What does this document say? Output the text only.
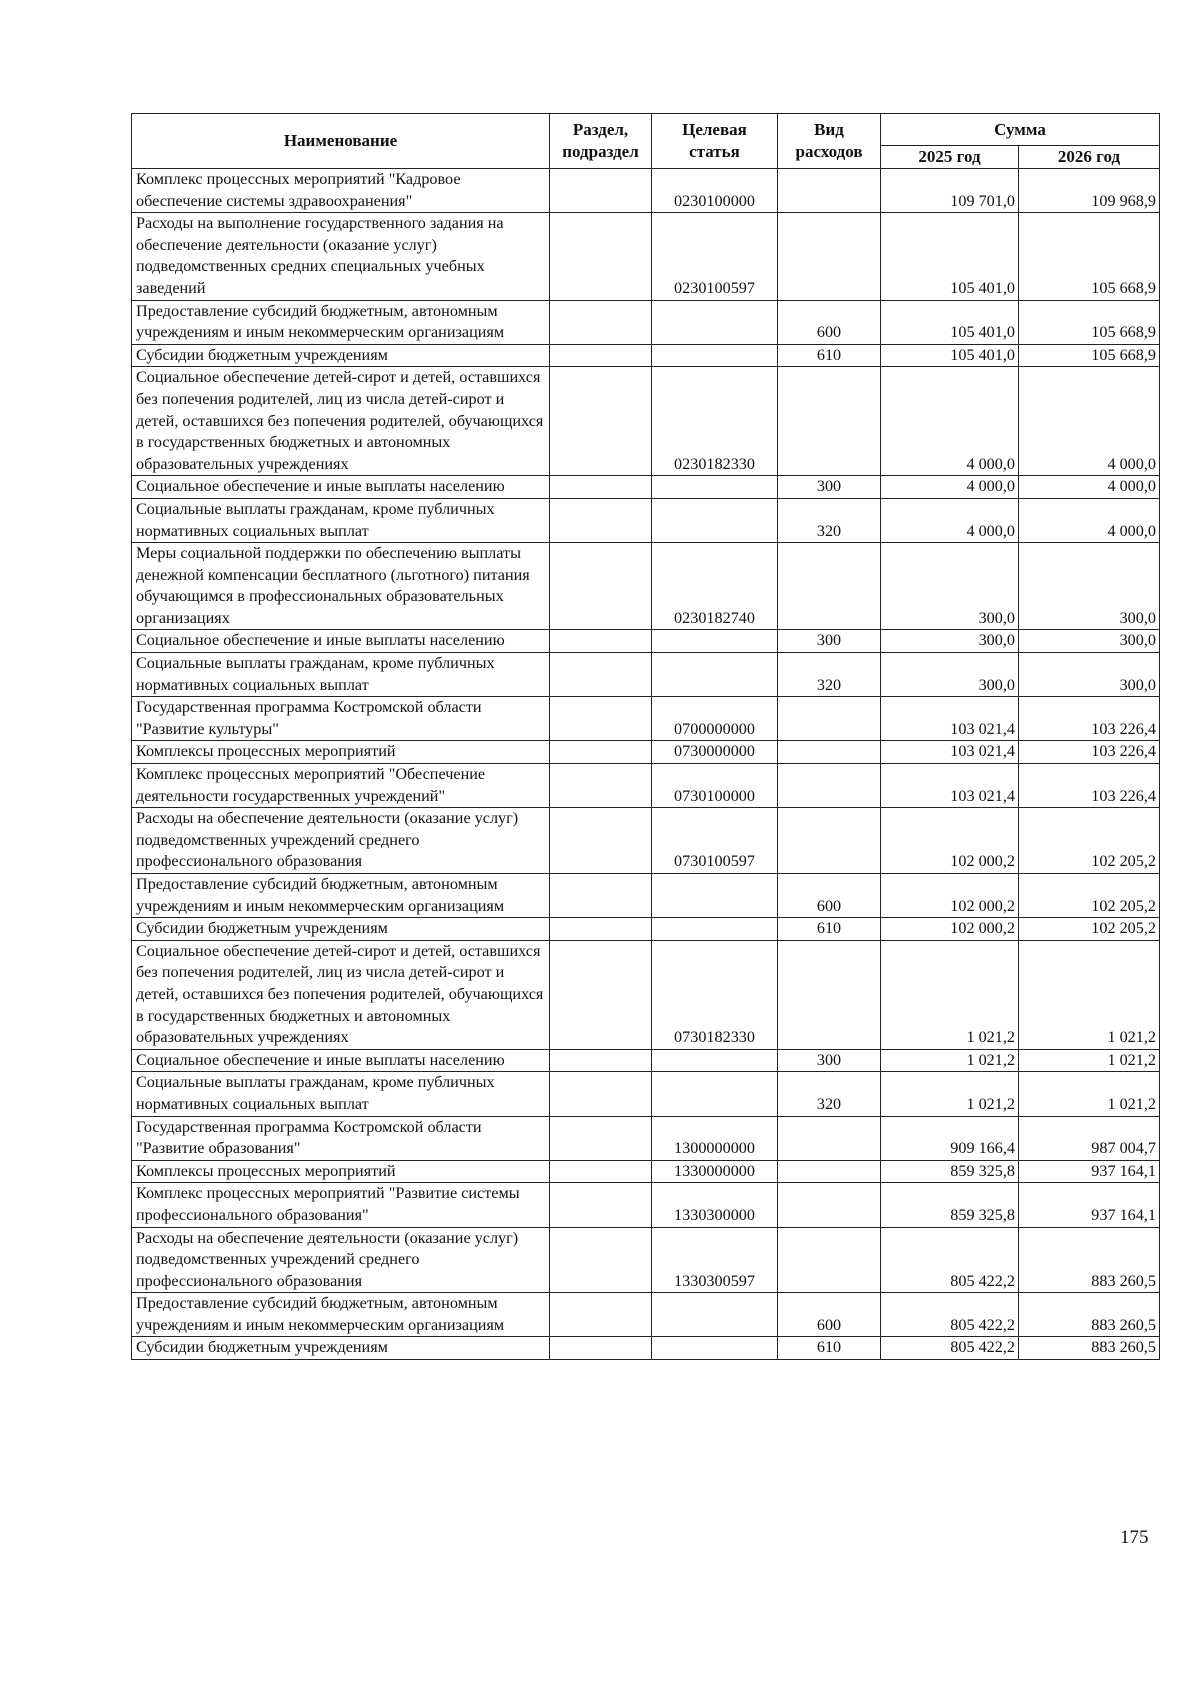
Наименование	Раздел, подраздел	Целевая статья	Вид расходов	Сумма	
				2025 год	2026 год
Комплекс процессных мероприятий "Кадровое обеспечение системы здравоохранения"		0230100000		109 701,0	109 968,9
Расходы на выполнение государственного задания на обеспечение деятельности (оказание услуг) подведомственных средних специальных учебных заведений		0230100597		105 401,0	105 668,9
Предоставление субсидий бюджетным, автономным учреждениям и иным некоммерческим организациям			600	105 401,0	105 668,9
Субсидии бюджетным учреждениям			610	105 401,0	105 668,9
Социальное обеспечение детей-сирот и детей, оставшихся без попечения родителей, лиц из числа детей-сирот и детей, оставшихся без попечения родителей, обучающихся в государственных бюджетных и автономных образовательных учреждениях		0230182330		4 000,0	4 000,0
Социальное обеспечение и иные выплаты населению			300	4 000,0	4 000,0
Социальные выплаты гражданам, кроме публичных нормативных социальных выплат			320	4 000,0	4 000,0
Меры социальной поддержки по обеспечению выплаты денежной компенсации бесплатного (льготного) питания обучающимся в профессиональных образовательных организациях		0230182740		300,0	300,0
Социальное обеспечение и иные выплаты населению			300	300,0	300,0
Социальные выплаты гражданам, кроме публичных нормативных социальных выплат			320	300,0	300,0
Государственная программа Костромской области "Развитие культуры"		0700000000		103 021,4	103 226,4
Комплексы процессных мероприятий		0730000000		103 021,4	103 226,4
Комплекс процессных мероприятий "Обеспечение деятельности государственных учреждений"		0730100000		103 021,4	103 226,4
Расходы на обеспечение деятельности (оказание услуг) подведомственных учреждений среднего профессионального образования		0730100597		102 000,2	102 205,2
Предоставление субсидий бюджетным, автономным учреждениям и иным некоммерческим организациям			600	102 000,2	102 205,2
Субсидии бюджетным учреждениям			610	102 000,2	102 205,2
Социальное обеспечение детей-сирот и детей, оставшихся без попечения родителей, лиц из числа детей-сирот и детей, оставшихся без попечения родителей, обучающихся в государственных бюджетных и автономных образовательных учреждениях		0730182330		1 021,2	1 021,2
Социальное обеспечение и иные выплаты населению			300	1 021,2	1 021,2
Социальные выплаты гражданам, кроме публичных нормативных социальных выплат			320	1 021,2	1 021,2
Государственная программа Костромской области "Развитие образования"		1300000000		909 166,4	987 004,7
Комплексы процессных мероприятий		1330000000		859 325,8	937 164,1
Комплекс процессных мероприятий "Развитие системы профессионального образования"		1330300000		859 325,8	937 164,1
Расходы на обеспечение деятельности (оказание услуг) подведомственных учреждений среднего профессионального образования		1330300597		805 422,2	883 260,5
Предоставление субсидий бюджетным, автономным учреждениям и иным некоммерческим организациям			600	805 422,2	883 260,5
Субсидии бюджетным учреждениям			610	805 422,2	883 260,5
175
